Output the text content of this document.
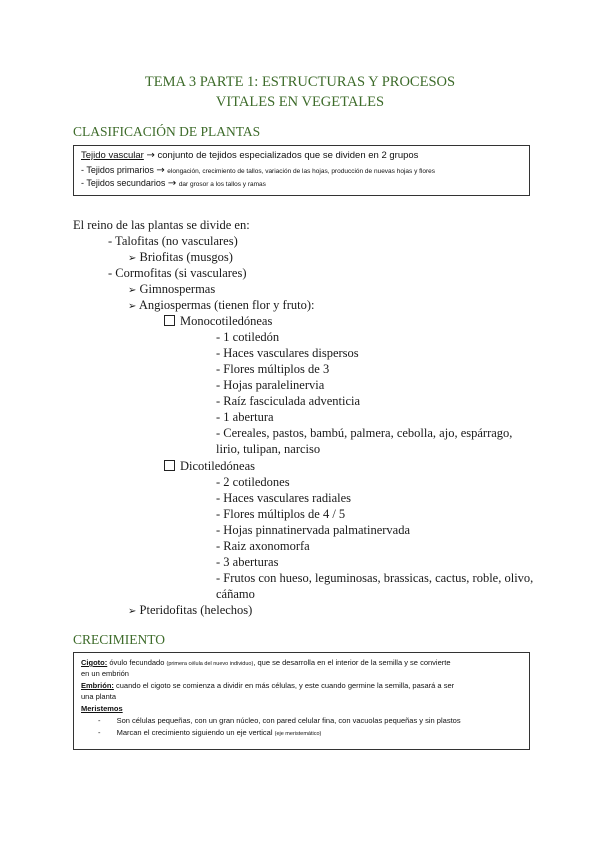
TEMA 3 PARTE 1: ESTRUCTURAS Y PROCESOS
VITALES EN VEGETALES
CLASIFICACIÓN DE PLANTAS
Tejido vascular → conjunto de tejidos especializados que se dividen en 2 grupos
- Tejidos primarios → elongación, crecimiento de tallos, variación de las hojas, producción de nuevas hojas y flores
- Tejidos secundarios → dar grosor a los tallos y ramas
El reino de las plantas se divide en:
- Talofitas (no vasculares)
➢ Briofitas (musgos)
- Cormofitas (si vasculares)
➢ Gimnospermas
➢ Angiospermas (tienen flor y fruto):
Monocotiledóneas
- 1 cotiledón
- Haces vasculares dispersos
- Flores múltiplos de 3
- Hojas paralelinervia
- Raíz fasciculada adventicia
- 1 abertura
- Cereales, pastos, bambú, palmera, cebolla, ajo, espárrago,
lirio, tulipan, narciso
Dicotiledóneas
- 2 cotiledones
- Haces vasculares radiales
- Flores múltiplos de 4 / 5
- Hojas pinnatinervada palmatinervada
- Raiz axonomorfa
- 3 aberturas
- Frutos con hueso, leguminosas, brassicas, cactus, roble, olivo,
cáñamo
➢ Pteridofitas (helechos)
CRECIMIENTO
Cigoto: óvulo fecundado (primera célula del nuevo individuo), que se desarrolla en el interior de la semilla y se convierte
en un embrión
Embrión: cuando el cigoto se comienza a dividir en más células, y este cuando germine la semilla, pasará a ser
una planta
Meristemos
- Son células pequeñas, con un gran núcleo, con pared celular fina, con vacuolas pequeñas y sin plastos
- Marcan el crecimiento siguiendo un eje vertical (eje meristemático)
